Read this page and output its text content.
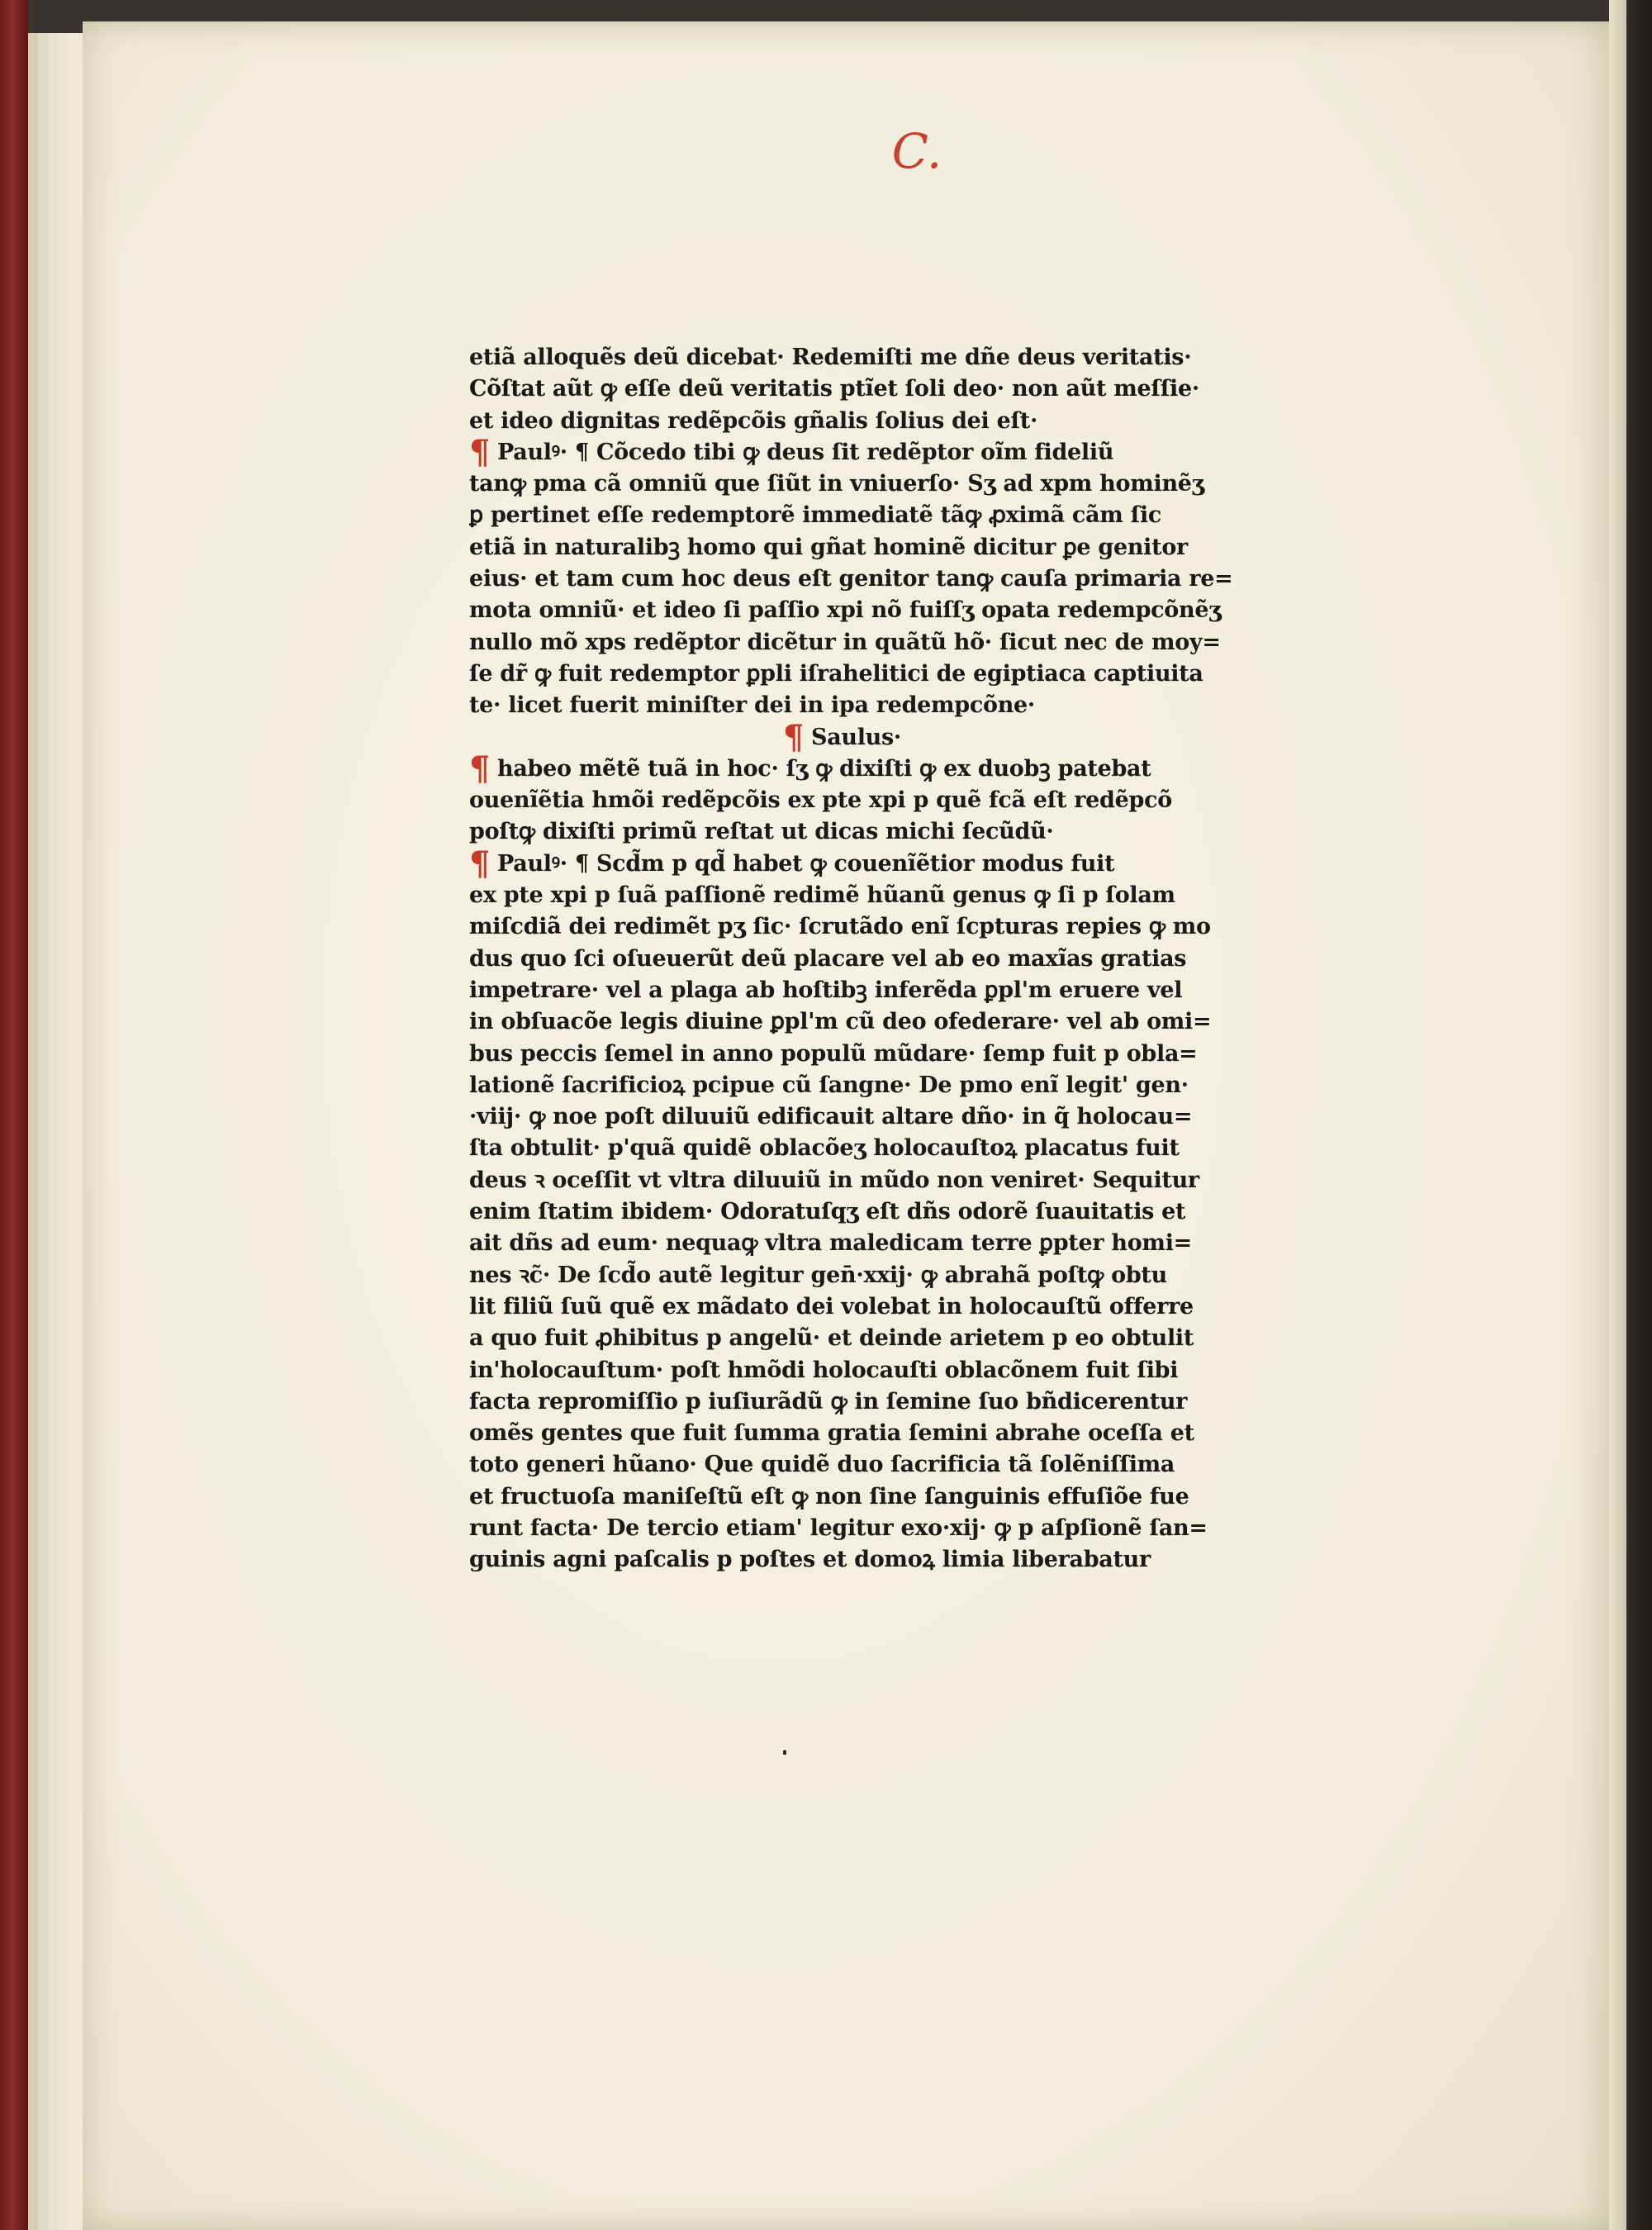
C.
etiã alloquẽs deũ dicebat· Redemiſti me dñe deus veritatis·
Cõſtat aũt ꝙ eſſe deũ veritatis ptĩet ſoli deo· non aũt meſſie·
et ideo dignitas redẽpcõis gñalis ſolius dei eſt·
¶ Paulꝰ· ¶ Cõcedo tibi ꝙ deus ſit redẽptor oĩm fideliũ
tanꝙ pma cã omniũ que ſiũt in vniuerſo· Sʒ ad xpm hominẽʒ
ꝑ pertinet eſſe redemptorẽ immediatẽ tãꝙ ꝓximã cãm ſic
etiã in naturalibꝫ homo qui gñat hominẽ dicitur ꝑe genitor
eius· et tam cum hoc deus eſt genitor tanꝙ cauſa primaria re=
mota omniũ· et ideo ſi paſſio xpi nõ fuiſſʒ opata redempcõnẽʒ
nullo mõ xps redẽptor dicẽtur in quãtũ hõ· ſicut nec de moy=
ſe dr̃ ꝙ fuit redemptor ꝑpli iſrahelitici de egiptiaca captiuita
te· licet fuerit miniſter dei in ipa redempcõne·
¶ Saulus·
¶ habeo mẽtẽ tuã in hoc· ſʒ ꝙ dixiſti ꝙ ex duobꝫ patebat
ouenĩẽtia hmõi redẽpcõis ex pte xpi p quẽ fcã eſt redẽpcõ
poſtꝙ dixiſti primũ reſtat ut dicas michi ſecũdũ·
¶ Paulꝰ· ¶ Scd̃m p qd̃ habet ꝙ couenĩẽtior modus fuit
ex pte xpi p ſuã paſſionẽ redimẽ hũanũ genus ꝙ ſi p ſolam
miſcdiã dei redimẽt pʒ ſic· ſcrutãdo enĩ ſcpturas repies ꝙ mo
dus quo ſci oſueuerũt deũ placare vel ab eo maxĩas gratias
impetrare· vel a plaga ab hoſtibꝫ inferẽda ꝑpl'm eruere vel
in obſuacõe legis diuine ꝑpl'm cũ deo ofederare· vel ab omi=
bus peccis ſemel in anno populũ mũdare· ſemp fuit p obla=
lationẽ ſacrificioꝝ pcipue cũ ſangne· De pmo enĩ legit' gen·
·viij· ꝙ noe poſt diluuiũ edificauit altare dño· in q̃ holocau=
ſta obtulit· p'quã quidẽ oblacõeʒ holocauſtoꝝ placatus fuit
deus ꝛ oceſſit vt vltra diluuiũ in mũdo non veniret· Sequitur
enim ſtatim ibidem· Odoratuſqʒ eſt dñs odorẽ ſuauitatis et
ait dñs ad eum· nequaꝙ vltra maledicam terre ꝑpter homi=
nes ꝛc̃· De ſcd̃o autẽ legitur gen̄·xxij· ꝙ abrahã poſtꝙ obtu
lit filiũ ſuũ quẽ ex mãdato dei volebat in holocauſtũ offerre
a quo fuit ꝓhibitus p angelũ· et deinde arietem p eo obtulit
in'holocauſtum· poſt hmõdi holocauſti oblacõnem fuit ſibi
facta repromiſſio p iuſiurãdũ ꝙ in ſemine ſuo bñdicerentur
omẽs gentes que fuit ſumma gratia ſemini abrahe oceſſa et
toto generi hũano· Que quidẽ duo ſacrificia tã ſolẽniſſima
et fructuoſa maniſeſtũ eſt ꝙ non ſine ſanguinis effuſiõe fue
runt facta· De tercio etiam' legitur exo·xij· ꝙ p aſpſionẽ ſan=
guinis agni paſcalis p poſtes et domoꝝ limia liberabatur
